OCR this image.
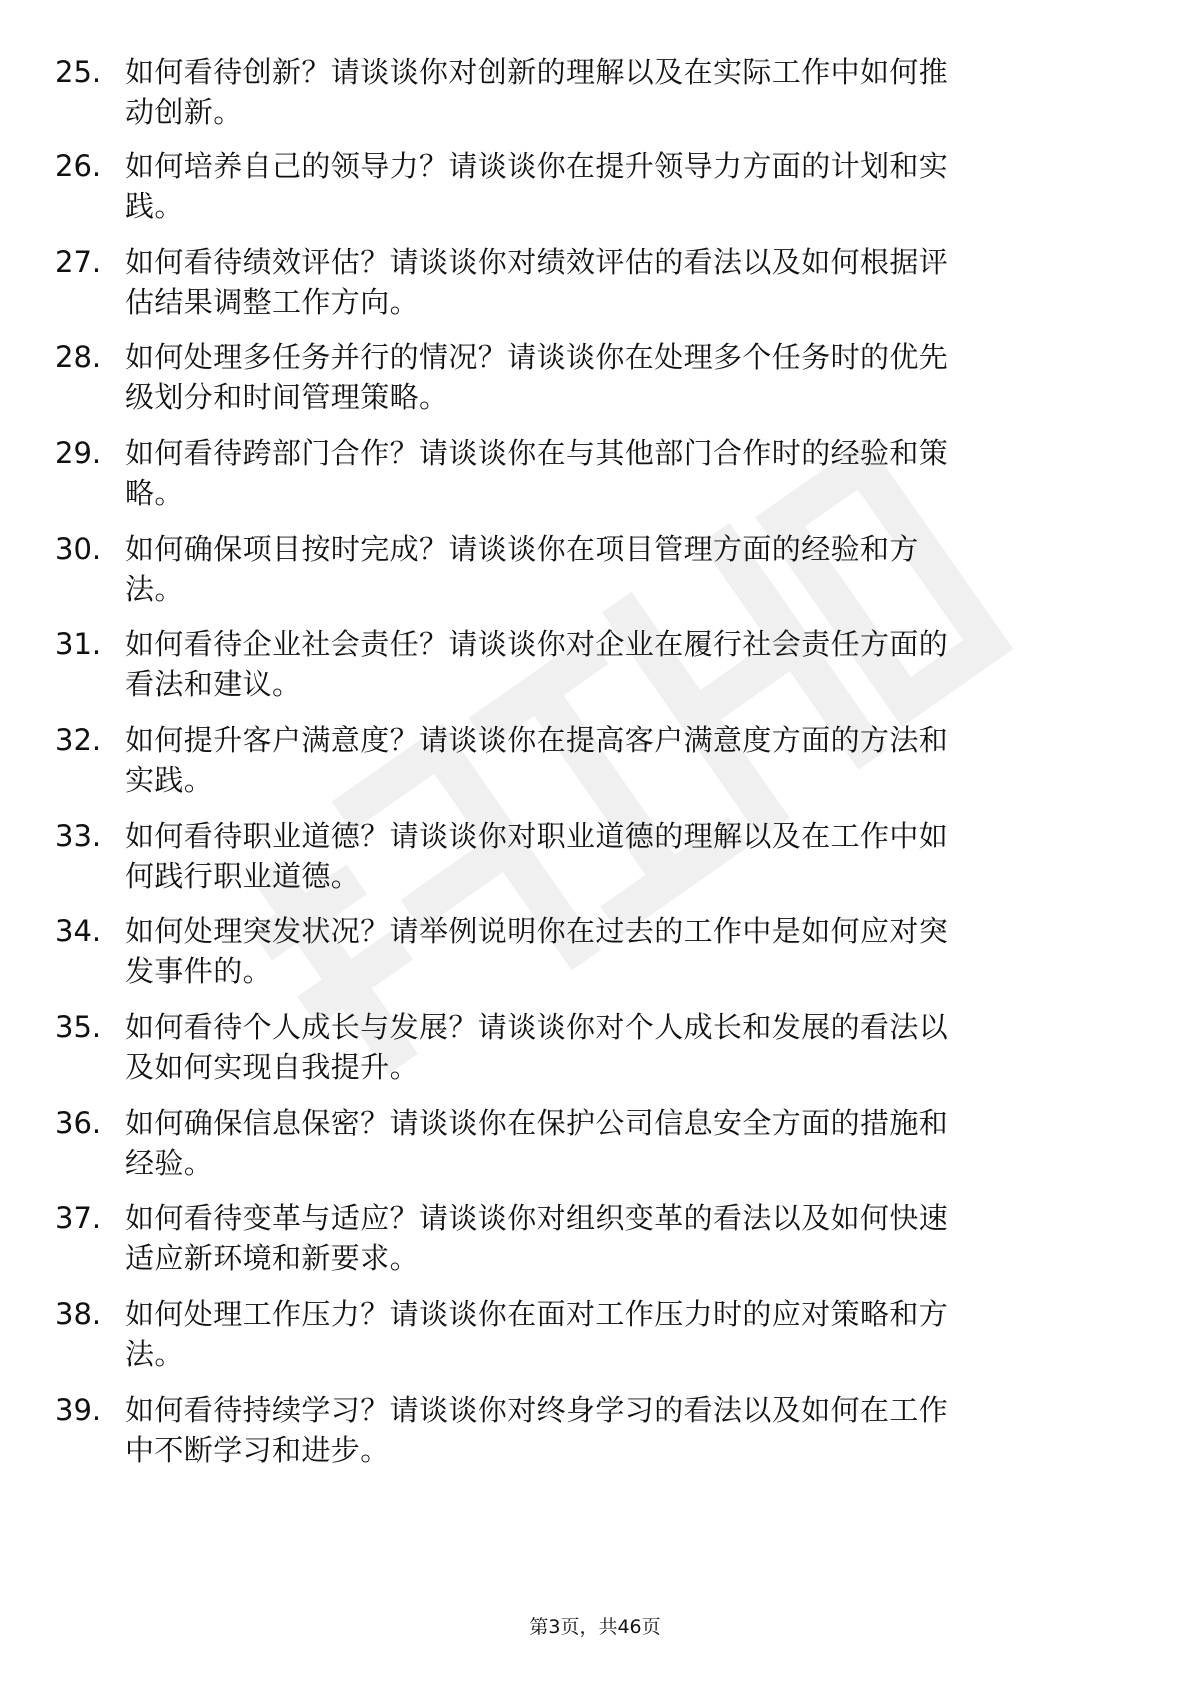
25. 如何看待创新？请谈谈你对创新的理解以及在实际工作中如何推
动创新。
26. 如何培养自己的领导力？请谈谈你在提升领导力方面的计划和实
践。
27. 如何看待绩效评估？请谈谈你对绩效评估的看法以及如何根据评
估结果调整工作方向。
28. 如何处理多任务并行的情况？请谈谈你在处理多个任务时的优先
级划分和时间管理策略。
29. 如何看待跨部门合作？请谈谈你在与其他部门合作时的经验和策
略。
30. 如何确保项目按时完成？请谈谈你在项目管理方面的经验和方
法。
31. 如何看待企业社会责任？请谈谈你对企业在履行社会责任方面的
看法和建议。
32. 如何提升客户满意度？请谈谈你在提高客户满意度方面的方法和
实践。
33. 如何看待职业道德？请谈谈你对职业道德的理解以及在工作中如
何践行职业道德。
34. 如何处理突发状况？请举例说明你在过去的工作中是如何应对突
发事件的。
35. 如何看待个人成长与发展？请谈谈你对个人成长和发展的看法以
及如何实现自我提升。
36. 如何确保信息保密？请谈谈你在保护公司信息安全方面的措施和
经验。
37. 如何看待变革与适应？请谈谈你对组织变革的看法以及如何快速
适应新环境和新要求。
38. 如何处理工作压力？请谈谈你在面对工作压力时的应对策略和方
法。
39. 如何看待持续学习？请谈谈你对终身学习的看法以及如何在工作
中不断学习和进步。
第3页，共46页
